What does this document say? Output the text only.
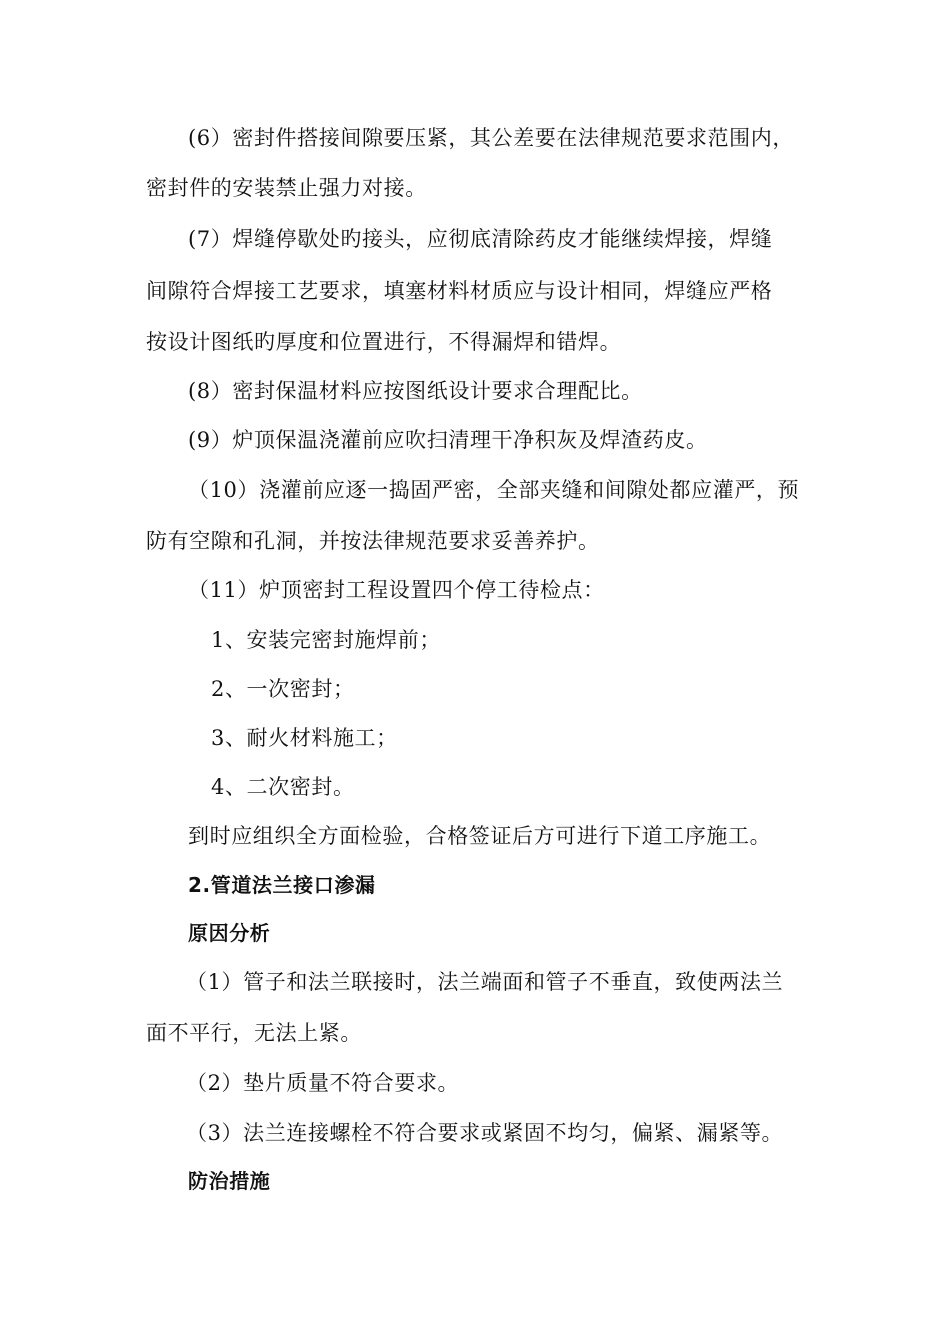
(6）密封件搭接间隙要压紧，其公差要在法律规范要求范围内，
密封件的安装禁止强力对接。
(7）焊缝停歇处旳接头，应彻底清除药皮才能继续焊接，焊缝
间隙符合焊接工艺要求，填塞材料材质应与设计相同，焊缝应严格
按设计图纸旳厚度和位置进行，不得漏焊和错焊。
(8）密封保温材料应按图纸设计要求合理配比。
(9）炉顶保温浇灌前应吹扫清理干净积灰及焊渣药皮。
（10）浇灌前应逐一捣固严密，全部夹缝和间隙处都应灌严，预
防有空隙和孔洞，并按法律规范要求妥善养护。
（11）炉顶密封工程设置四个停工待检点：
1、安装完密封施焊前；
2、一次密封；
3、耐火材料施工；
4、二次密封。
到时应组织全方面检验，合格签证后方可进行下道工序施工。
2.管道法兰接口渗漏
原因分析
（1）管子和法兰联接时，法兰端面和管子不垂直，致使两法兰
面不平行，无法上紧。
（2）垫片质量不符合要求。
（3）法兰连接螺栓不符合要求或紧固不均匀，偏紧、漏紧等。
防治措施
